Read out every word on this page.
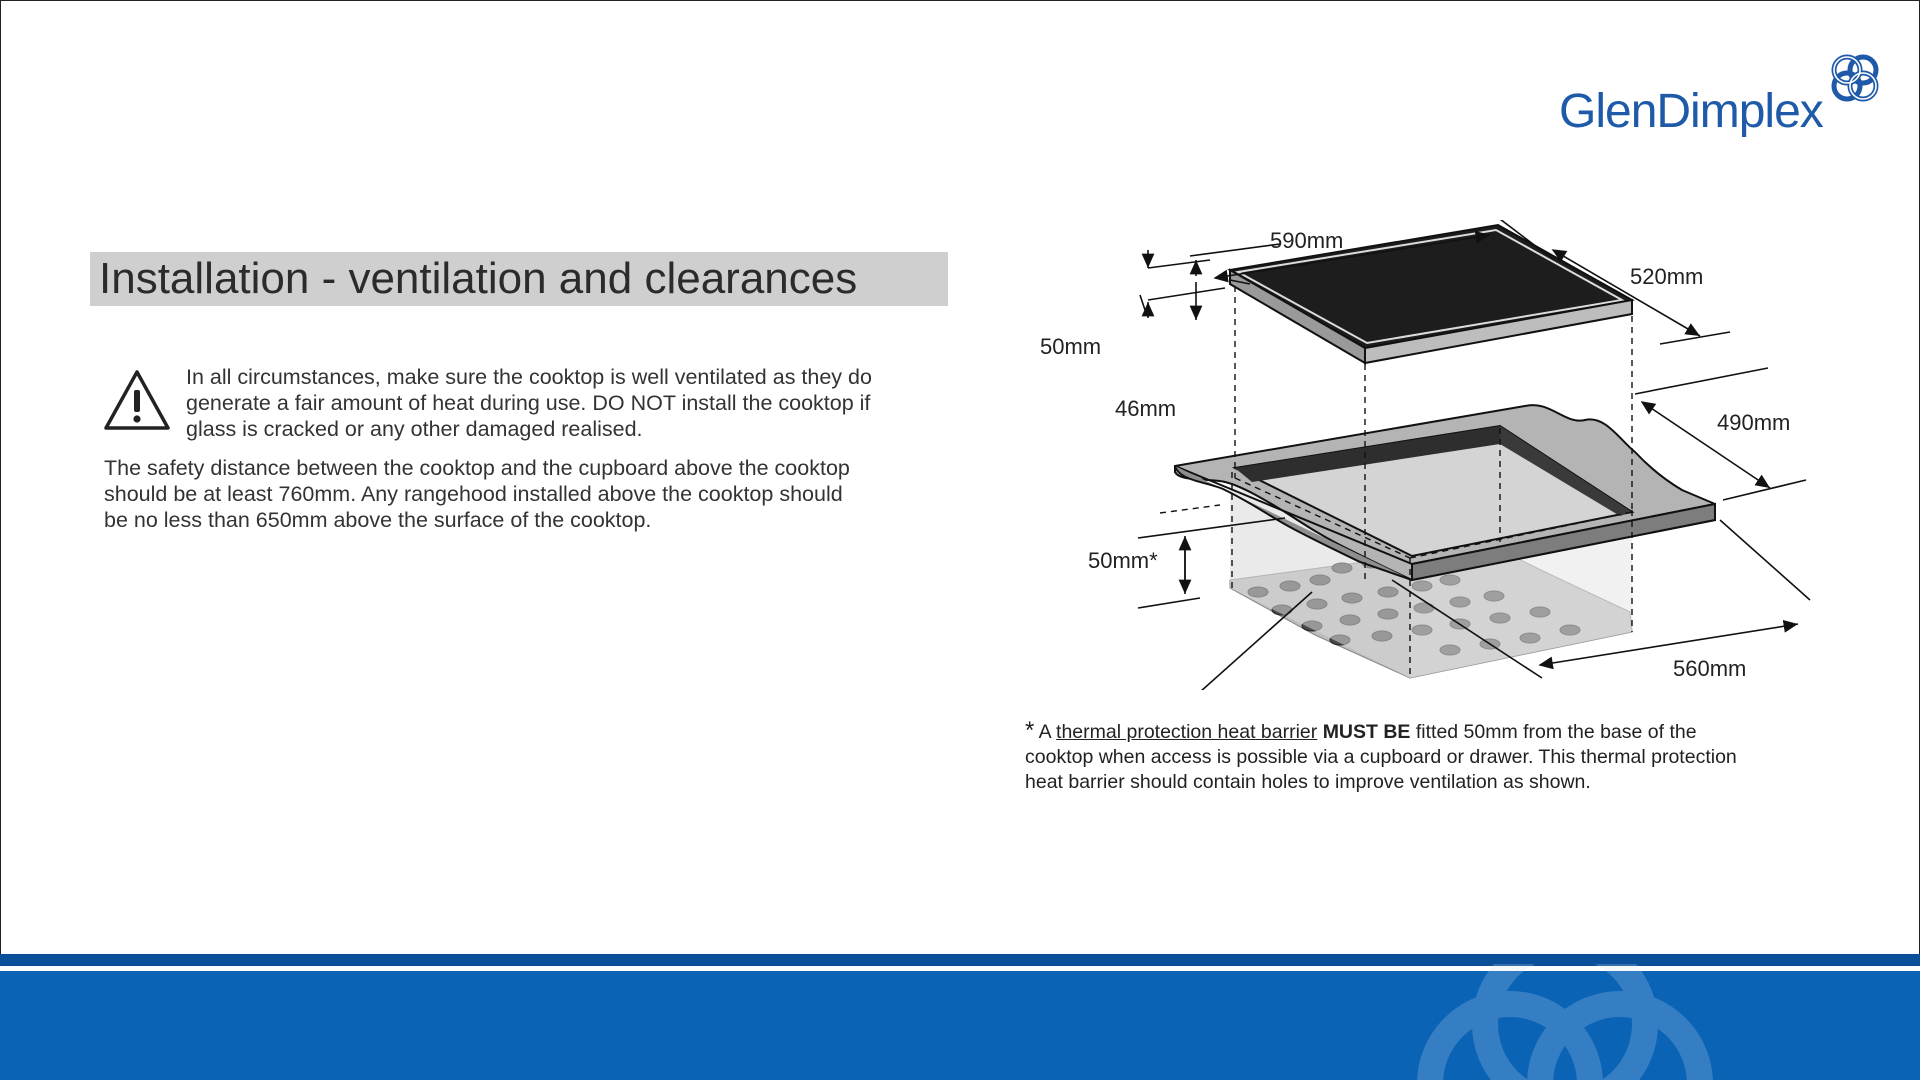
GlenDimplex
Installation - ventilation and clearances

In all circumstances, make sure the cooktop is well ventilated as they do

generate a fair amount of heat during use. DO NOT install the cooktop if

glass is cracked or any other damaged realised.

The safety distance between the cooktop and the cupboard above the cooktop

should be at least 760mm. Any rangehood installed above the cooktop should

be no less than 650mm above the surface of the cooktop.

590mm
520mm
50mm
46mm
490mm
50mm*
560mm

* A thermal protection heat barrier MUST BE fitted 50mm from the base of the

cooktop when access is possible via a cupboard or drawer. This thermal protection

heat barrier should contain holes to improve ventilation as shown.
